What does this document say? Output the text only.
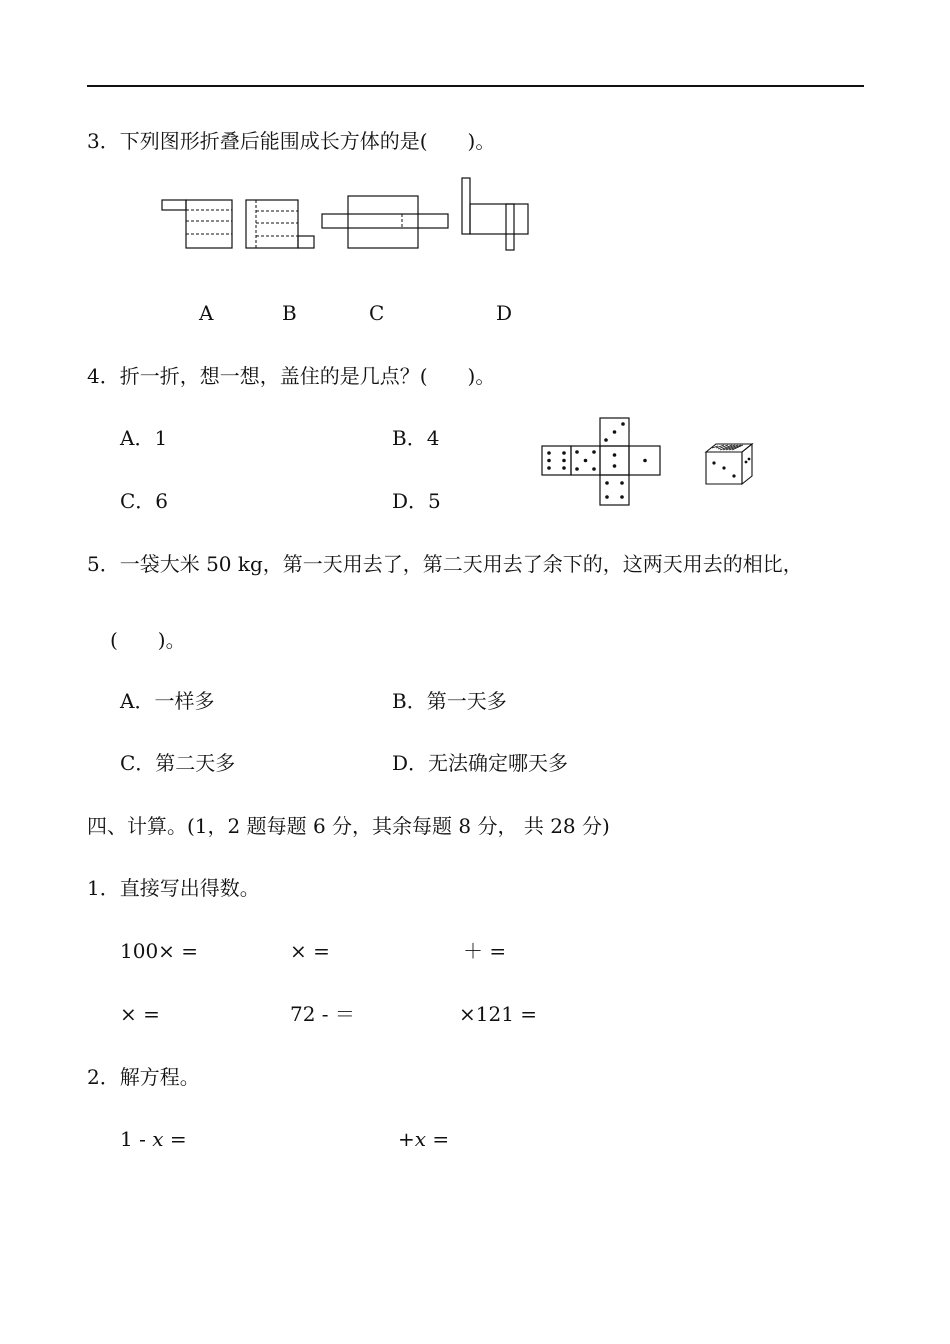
3．下列图形折叠后能围成长方体的是(　　)。
A	B	C	D
4．折一折，想一想，盖住的是几点？(　　)。
A．1	B．4
C．6	D．5
5．一袋大米 50 kg，第一天用去了，第二天用去了余下的，这两天用去的相比，
(　　)。
A．一样多	B．第一天多
C．第二天多	D．无法确定哪天多
四、计算。(1，2 题每题 6 分，其余每题 8 分， 共 28 分)
1．直接写出得数。
100× =	× =	＋ =
× =	72 - ＝	×121 =
2．解方程。
1 - x =	+x =
